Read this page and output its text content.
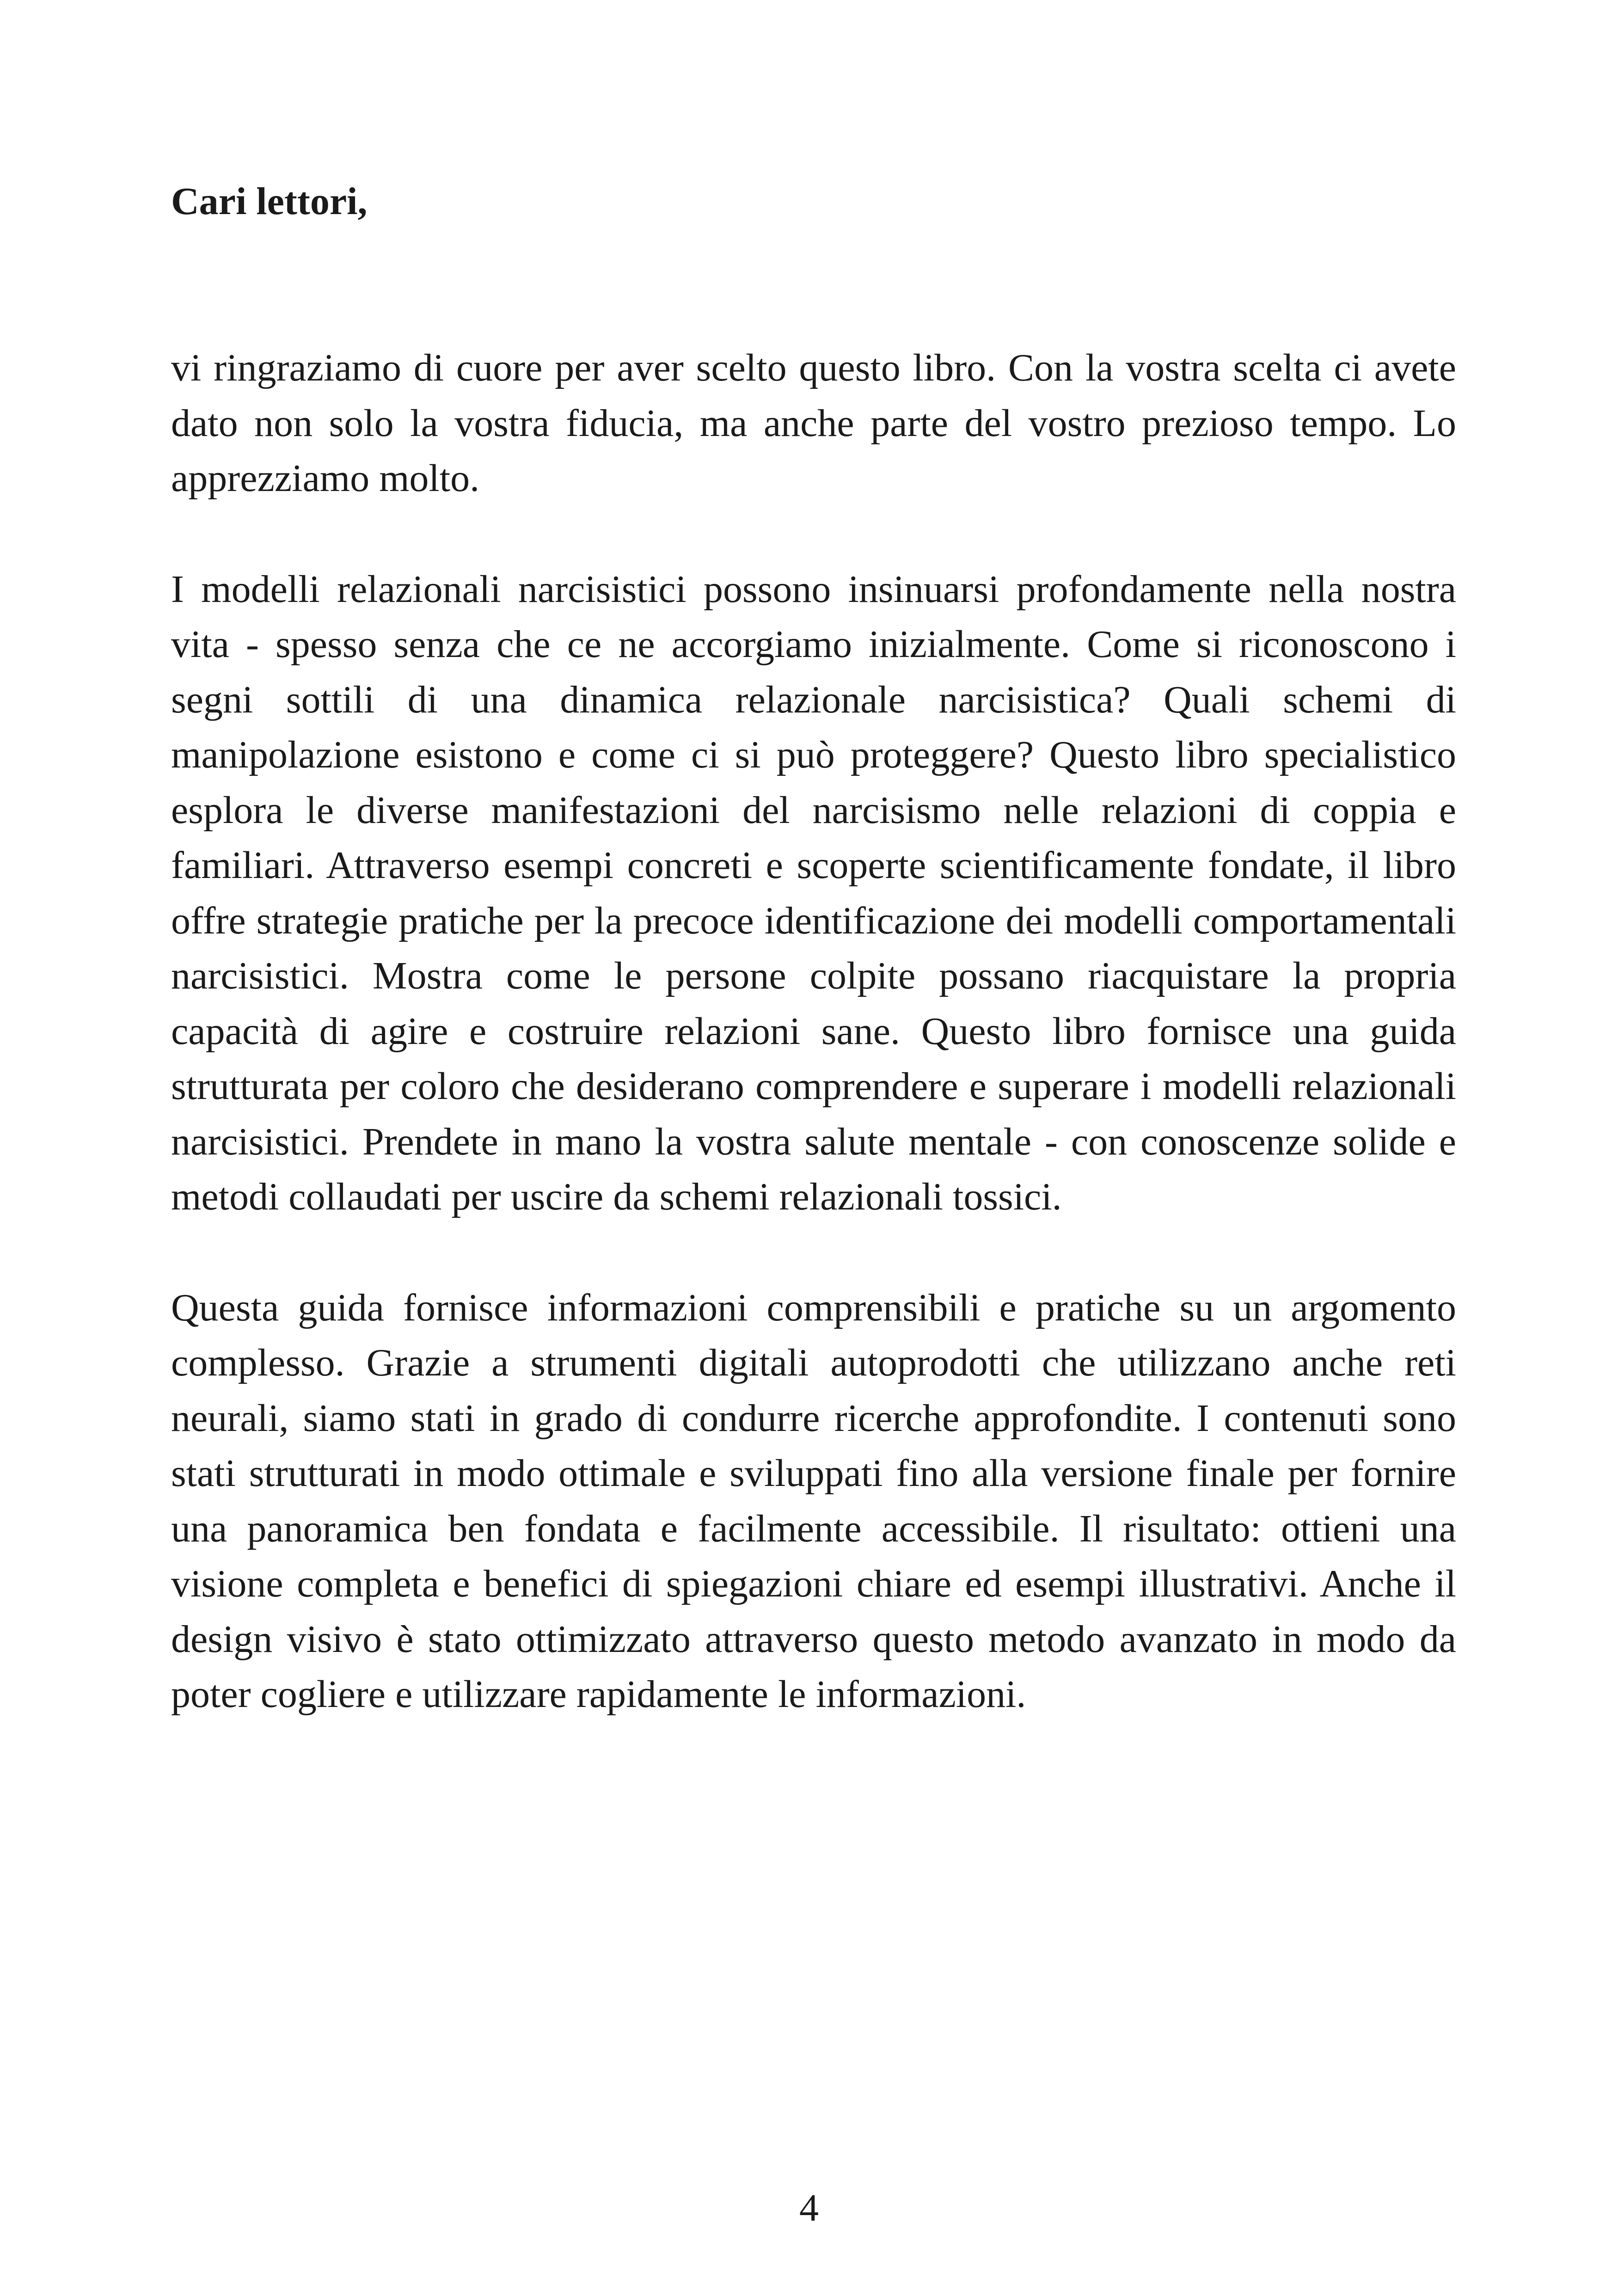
Cari lettori,

vi ringraziamo di cuore per aver scelto questo libro. Con la vostra scelta ci avete dato non solo la vostra fiducia, ma anche parte del vostro prezioso tempo. Lo apprezziamo molto.

I modelli relazionali narcisistici possono insinuarsi profondamente nella nostra vita - spesso senza che ce ne accorgiamo inizialmente. Come si riconoscono i segni sottili di una dinamica relazionale narcisistica? Quali schemi di manipolazione esistono e come ci si può proteggere? Questo libro specialistico esplora le diverse manifestazioni del narcisismo nelle relazioni di coppia e familiari. Attraverso esempi concreti e scoperte scientificamente fondate, il libro offre strategie pratiche per la precoce identificazione dei modelli comportamentali narcisistici. Mostra come le persone colpite possano riacquistare la propria capacità di agire e costruire relazioni sane. Questo libro fornisce una guida strutturata per coloro che desiderano comprendere e superare i modelli relazionali narcisistici. Prendete in mano la vostra salute mentale - con conoscenze solide e metodi collaudati per uscire da schemi relazionali tossici.

Questa guida fornisce informazioni comprensibili e pratiche su un argomento complesso. Grazie a strumenti digitali autoprodotti che utilizzano anche reti neurali, siamo stati in grado di condurre ricerche approfondite. I contenuti sono stati strutturati in modo ottimale e sviluppati fino alla versione finale per fornire una panoramica ben fondata e facilmente accessibile. Il risultato: ottieni una visione completa e benefici di spiegazioni chiare ed esempi illustrativi. Anche il design visivo è stato ottimizzato attraverso questo metodo avanzato in modo da poter cogliere e utilizzare rapidamente le informazioni.

4
